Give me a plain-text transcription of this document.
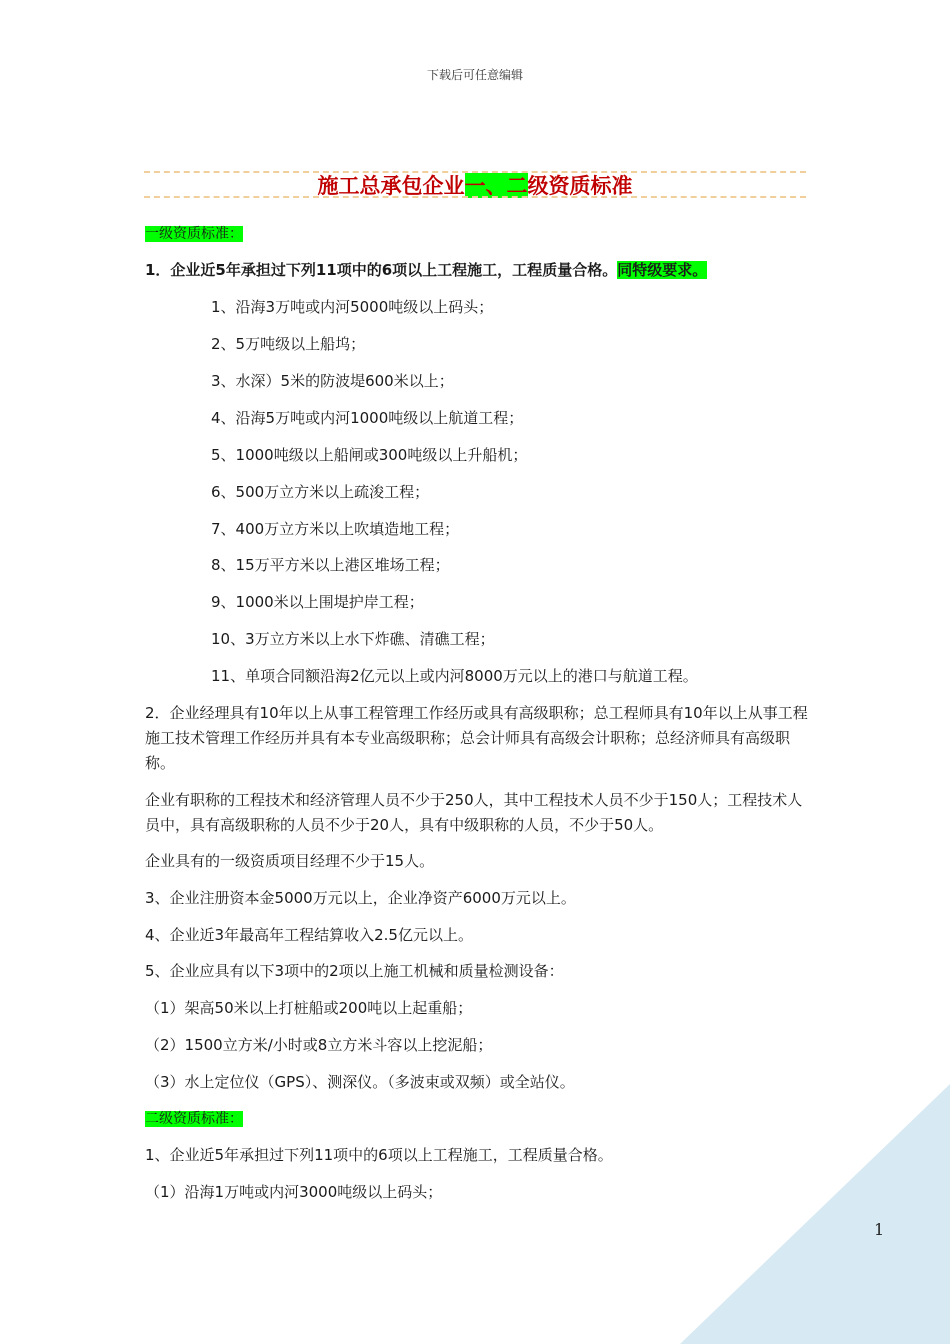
下载后可任意编辑
施工总承包企业一、二级资质标准
一级资质标准：
1．企业近5年承担过下列11项中的6项以上工程施工，工程质量合格。同特级要求。
1、沿海3万吨或内河5000吨级以上码头；
2、5万吨级以上船坞；
3、水深）5米的防波堤600米以上；
4、沿海5万吨或内河1000吨级以上航道工程；
5、1000吨级以上船闸或300吨级以上升船机；
6、500万立方米以上疏浚工程；
7、400万立方米以上吹填造地工程；
8、15万平方米以上港区堆场工程；
9、1000米以上围堤护岸工程；
10、3万立方米以上水下炸礁、清礁工程；
11、单项合同额沿海2亿元以上或内河8000万元以上的港口与航道工程。
2．企业经理具有10年以上从事工程管理工作经历或具有高级职称；总工程师具有10年以上从事工程施工技术管理工作经历并具有本专业高级职称；总会计师具有高级会计职称；总经济师具有高级职称。
企业有职称的工程技术和经济管理人员不少于250人，其中工程技术人员不少于150人；工程技术人员中，具有高级职称的人员不少于20人，具有中级职称的人员，不少于50人。
企业具有的一级资质项目经理不少于15人。
3、企业注册资本金5000万元以上，企业净资产6000万元以上。
4、企业近3年最高年工程结算收入2.5亿元以上。
5、企业应具有以下3项中的2项以上施工机械和质量检测设备：
（1）架高50米以上打桩船或200吨以上起重船；
（2）1500立方米/小时或8立方米斗容以上挖泥船；
（3）水上定位仪（GPS）、测深仪。（多波束或双频）或全站仪。
二级资质标准：
1、企业近5年承担过下列11项中的6项以上工程施工，工程质量合格。
（1）沿海1万吨或内河3000吨级以上码头；
1
